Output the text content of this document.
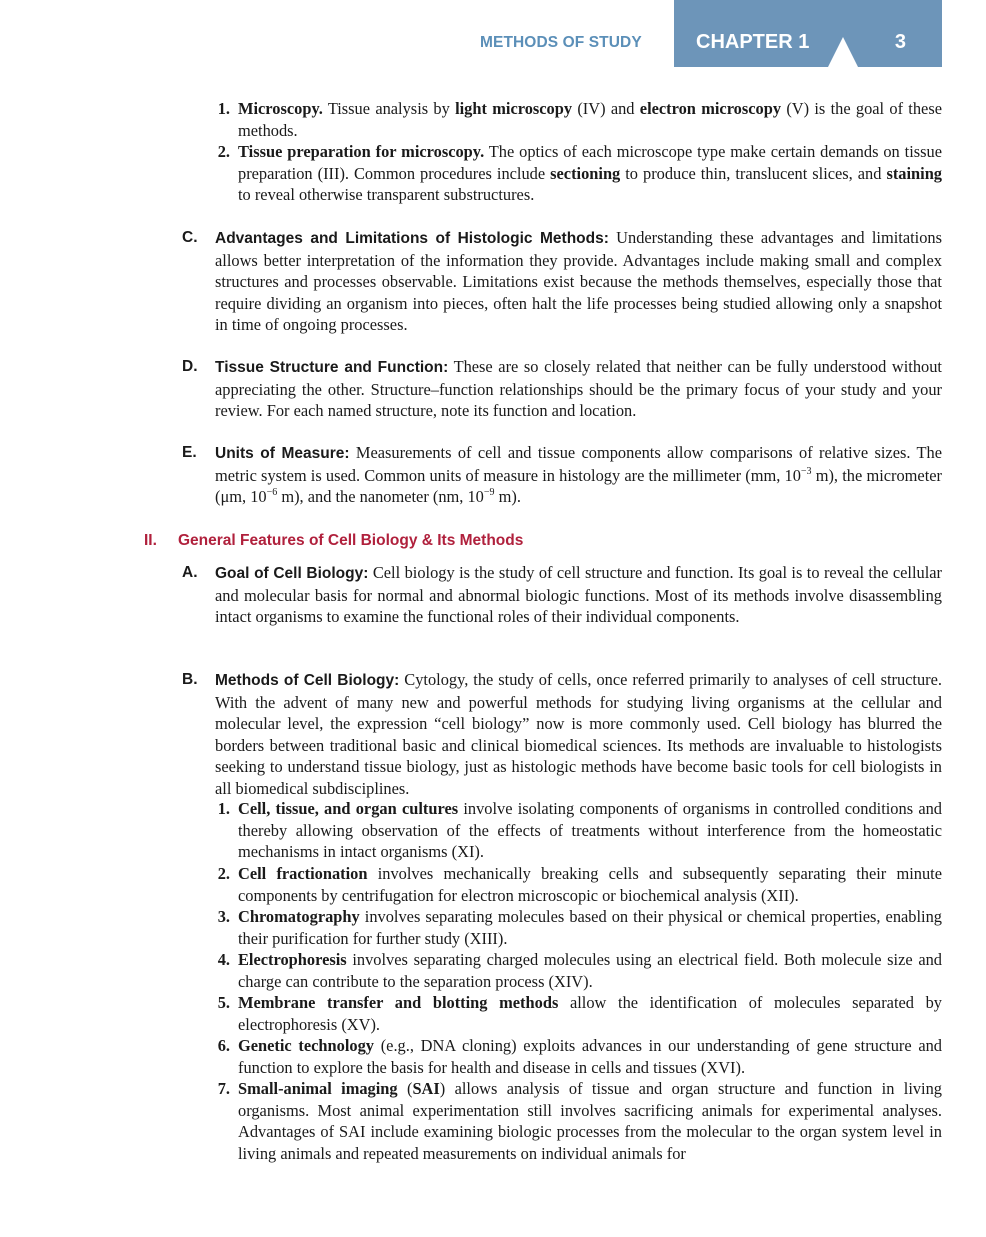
METHODS OF STUDY	CHAPTER 1	3
1. Microscopy. Tissue analysis by light microscopy (IV) and electron microscopy (V) is the goal of these methods.

2. Tissue preparation for microscopy. The optics of each microscope type make certain demands on tissue preparation (III). Common procedures include sectioning to produce thin, translucent slices, and staining to reveal otherwise transparent substructures.

C. Advantages and Limitations of Histologic Methods: Understanding these advantages and limitations allows better interpretation of the information they provide. Advantages include making small and complex structures and processes observable. Limitations exist because the methods themselves, especially those that require dividing an organism into pieces, often halt the life processes being studied allowing only a snapshot in time of ongoing processes.

D. Tissue Structure and Function: These are so closely related that neither can be fully understood without appreciating the other. Structure–function relationships should be the primary focus of your study and your review. For each named structure, note its function and location.

E. Units of Measure: Measurements of cell and tissue components allow comparisons of relative sizes. The metric system is used. Common units of measure in histology are the millimeter (mm, $10^{-3}$ m), the micrometer (μm, $10^{-6}$ m), and the nanometer (nm, $10^{-9}$ m).

II. General Features of Cell Biology & Its Methods
A. Goal of Cell Biology: Cell biology is the study of cell structure and function. Its goal is to reveal the cellular and molecular basis for normal and abnormal biologic functions. Most of its methods involve disassembling intact organisms to examine the functional roles of their individual components.

B. Methods of Cell Biology: Cytology, the study of cells, once referred primarily to analyses of cell structure. With the advent of many new and powerful methods for studying living organisms at the cellular and molecular level, the expression “cell biology” now is more commonly used. Cell biology has blurred the borders between traditional basic and clinical biomedical sciences. Its methods are invaluable to histologists seeking to understand tissue biology, just as histologic methods have become basic tools for cell biologists in all biomedical subdisciplines.

1. Cell, tissue, and organ cultures involve isolating components of organisms in controlled conditions and thereby allowing observation of the effects of treatments without interference from the homeostatic mechanisms in intact organisms (XI).

2. Cell fractionation involves mechanically breaking cells and subsequently separating their minute components by centrifugation for electron microscopic or biochemical analysis (XII).

3. Chromatography involves separating molecules based on their physical or chemical properties, enabling their purification for further study (XIII).

4. Electrophoresis involves separating charged molecules using an electrical field. Both molecule size and charge can contribute to the separation process (XIV).

5. Membrane transfer and blotting methods allow the identification of molecules separated by electrophoresis (XV).

6. Genetic technology (e.g., DNA cloning) exploits advances in our understanding of gene structure and function to explore the basis for health and disease in cells and tissues (XVI).

7. Small-animal imaging (SAI) allows analysis of tissue and organ structure and function in living organisms. Most animal experimentation still involves sacrificing animals for experimental analyses. Advantages of SAI include examining biologic processes from the molecular to the organ system level in living animals and repeated measurements on individual animals for
